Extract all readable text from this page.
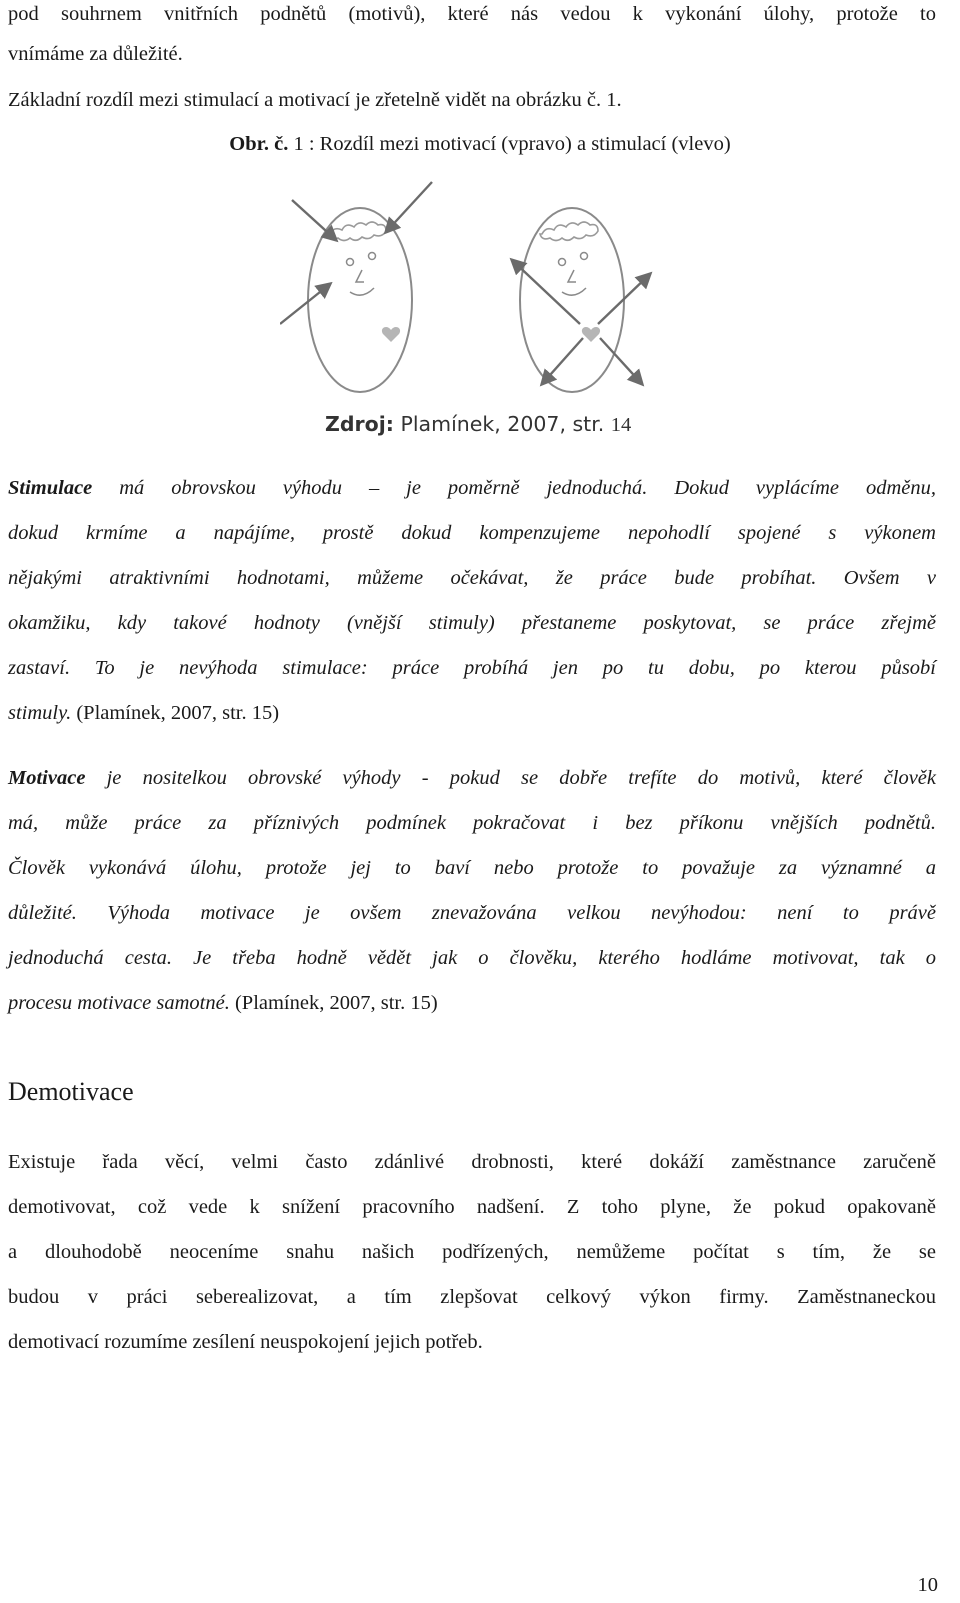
pod souhrnem vnitřních podnětů (motivů), které nás vedou k vykonání úlohy, protože to
vnímáme za důležité.
Základní rozdíl mezi stimulací a motivací je zřetelně vidět na obrázku č. 1.
Obr. č. 1 : Rozdíl mezi motivací (vpravo) a stimulací (vlevo)
Zdroj: Plamínek, 2007, str. 14
Stimulace má obrovskou výhodu – je poměrně jednoduchá. Dokud vyplácíme odměnu,
dokud krmíme a napájíme, prostě dokud kompenzujeme nepohodlí spojené s výkonem
nějakými atraktivními hodnotami, můžeme očekávat, že práce bude probíhat. Ovšem v
okamžiku, kdy takové hodnoty (vnější stimuly) přestaneme poskytovat, se práce zřejmě
zastaví. To je nevýhoda stimulace: práce probíhá jen po tu dobu, po kterou působí
stimuly. (Plamínek, 2007, str. 15)
Motivace je nositelkou obrovské výhody - pokud se dobře trefíte do motivů, které člověk
má, může práce za příznivých podmínek pokračovat i bez příkonu vnějších podnětů.
Člověk vykonává úlohu, protože jej to baví nebo protože to považuje za významné a
důležité. Výhoda motivace je ovšem znevažována velkou nevýhodou: není to právě
jednoduchá cesta. Je třeba hodně vědět jak o člověku, kterého hodláme motivovat, tak o
procesu motivace samotné. (Plamínek, 2007, str. 15)
Demotivace
Existuje řada věcí, velmi často zdánlivé drobnosti, které dokáží zaměstnance zaručeně
demotivovat, což vede k snížení pracovního nadšení. Z toho plyne, že pokud opakovaně
a dlouhodobě neoceníme snahu našich podřízených, nemůžeme počítat s tím, že se
budou v práci seberealizovat, a tím zlepšovat celkový výkon firmy. Zaměstnaneckou
demotivací rozumíme zesílení neuspokojení jejich potřeb.
10
